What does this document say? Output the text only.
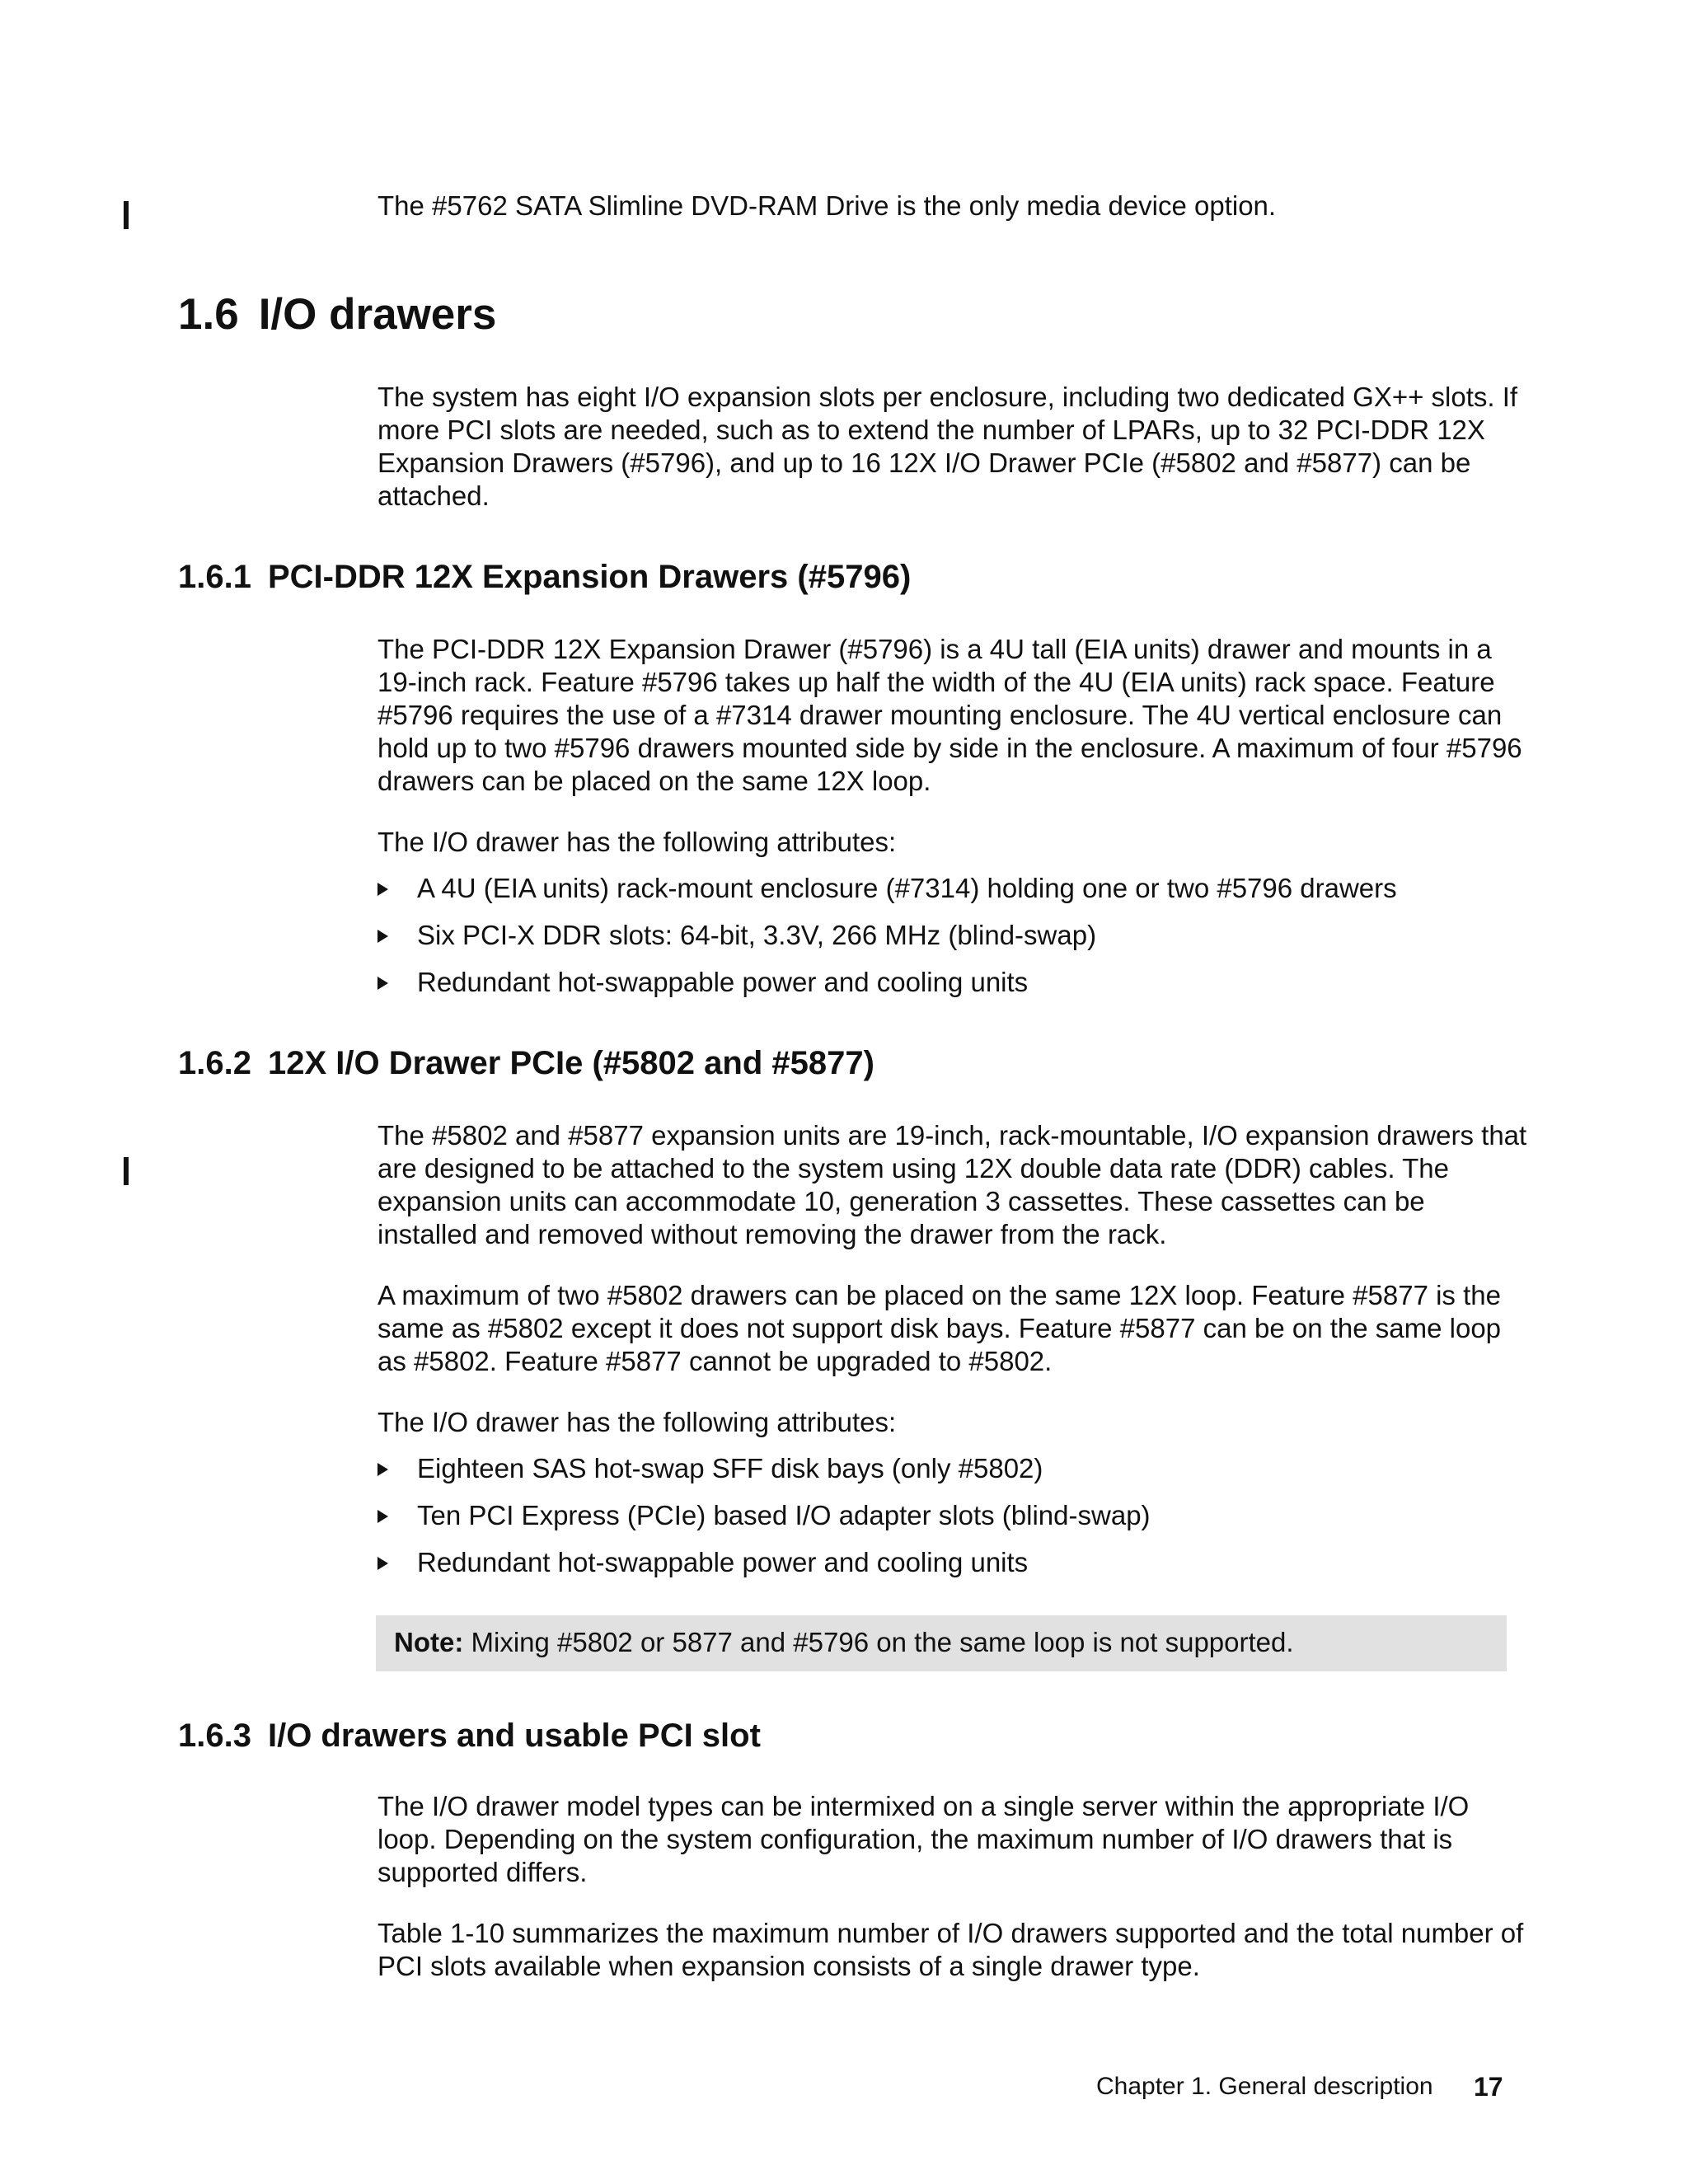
The #5762 SATA Slimline DVD-RAM Drive is the only media device option.

1.6 I/O drawers

The system has eight I/O expansion slots per enclosure, including two dedicated GX++ slots. If more PCI slots are needed, such as to extend the number of LPARs, up to 32 PCI-DDR 12X Expansion Drawers (#5796), and up to 16 12X I/O Drawer PCIe (#5802 and #5877) can be attached.

1.6.1 PCI-DDR 12X Expansion Drawers (#5796)

The PCI-DDR 12X Expansion Drawer (#5796) is a 4U tall (EIA units) drawer and mounts in a 19-inch rack. Feature #5796 takes up half the width of the 4U (EIA units) rack space. Feature #5796 requires the use of a #7314 drawer mounting enclosure. The 4U vertical enclosure can hold up to two #5796 drawers mounted side by side in the enclosure. A maximum of four #5796 drawers can be placed on the same 12X loop.

The I/O drawer has the following attributes:

A 4U (EIA units) rack-mount enclosure (#7314) holding one or two #5796 drawers
Six PCI-X DDR slots: 64-bit, 3.3V, 266 MHz (blind-swap)
Redundant hot-swappable power and cooling units
1.6.2 12X I/O Drawer PCIe (#5802 and #5877)

The #5802 and #5877 expansion units are 19-inch, rack-mountable, I/O expansion drawers that are designed to be attached to the system using 12X double data rate (DDR) cables. The expansion units can accommodate 10, generation 3 cassettes. These cassettes can be installed and removed without removing the drawer from the rack.

A maximum of two #5802 drawers can be placed on the same 12X loop. Feature #5877 is the same as #5802 except it does not support disk bays. Feature #5877 can be on the same loop as #5802. Feature #5877 cannot be upgraded to #5802.

The I/O drawer has the following attributes:

Eighteen SAS hot-swap SFF disk bays (only #5802)
Ten PCI Express (PCIe) based I/O adapter slots (blind-swap)
Redundant hot-swappable power and cooling units
Note: Mixing #5802 or 5877 and #5796 on the same loop is not supported.
1.6.3 I/O drawers and usable PCI slot

The I/O drawer model types can be intermixed on a single server within the appropriate I/O loop. Depending on the system configuration, the maximum number of I/O drawers that is supported differs.

Table 1-10 summarizes the maximum number of I/O drawers supported and the total number of PCI slots available when expansion consists of a single drawer type.

Chapter 1. General description 17
